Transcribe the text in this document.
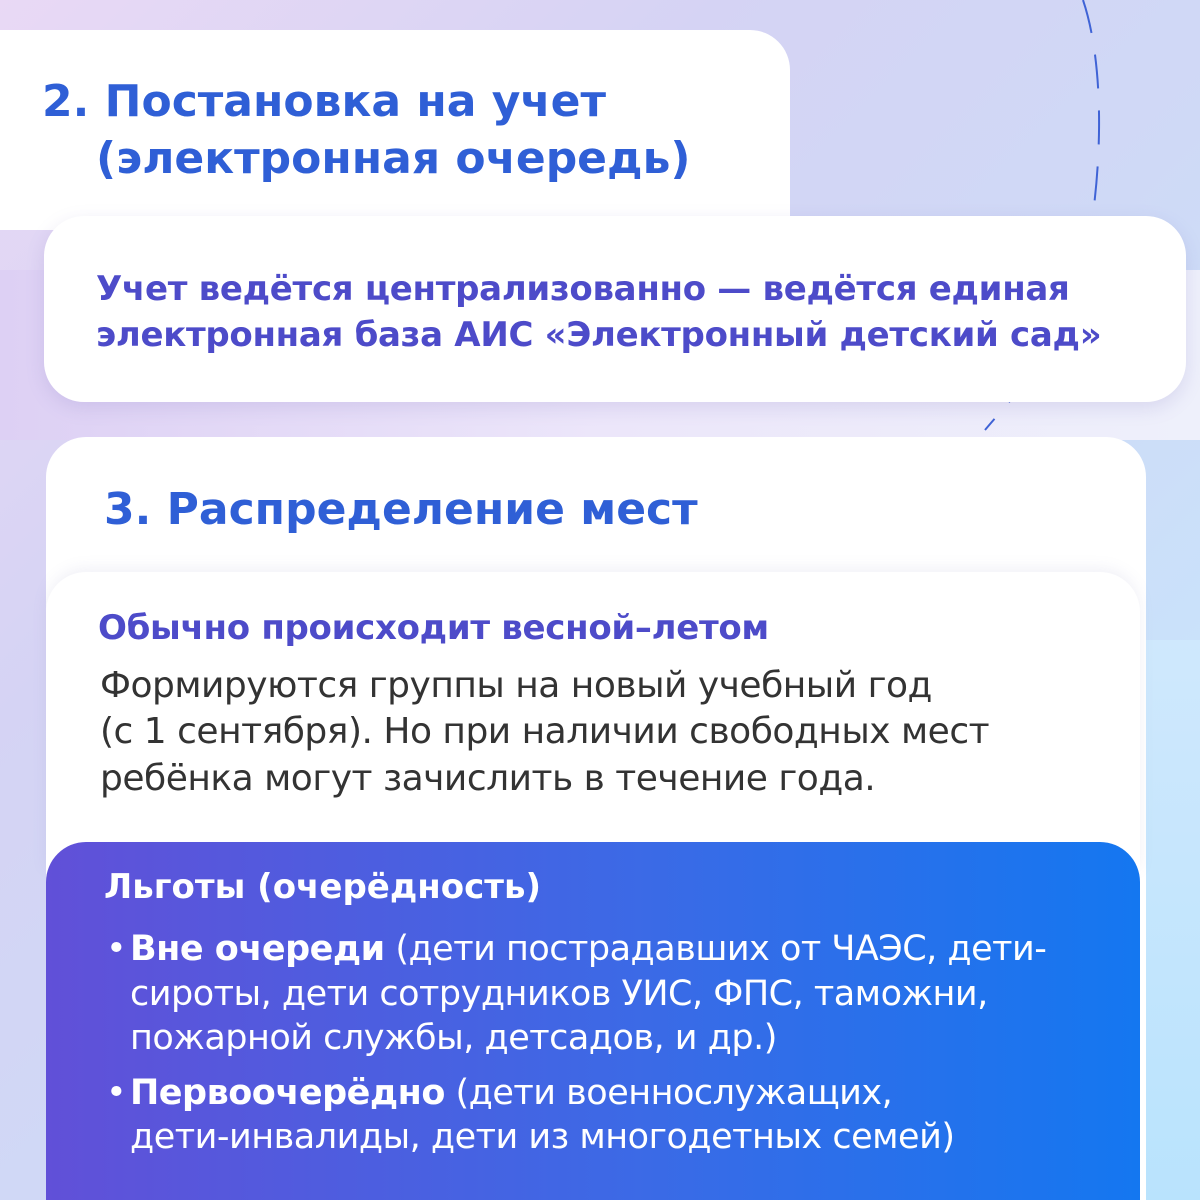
2. Постановка на учет
(электронная очередь)
Учет ведётся централизованно — ведётся единая
электронная база АИС «Электронный детский сад»
3. Распределение мест
Обычно происходит весной–летом
Формируются группы на новый учебный год
(с 1 сентября). Но при наличии свободных мест
ребёнка могут зачислить в течение года.
Льготы (очерёдность)
• Вне очереди (дети пострадавших от ЧАЭС, дети-
сироты, дети сотрудников УИС, ФПС, таможни,
пожарной службы, детсадов, и др.)
• Первоочерёдно (дети военнослужащих,
дети-инвалиды, дети из многодетных семей)
